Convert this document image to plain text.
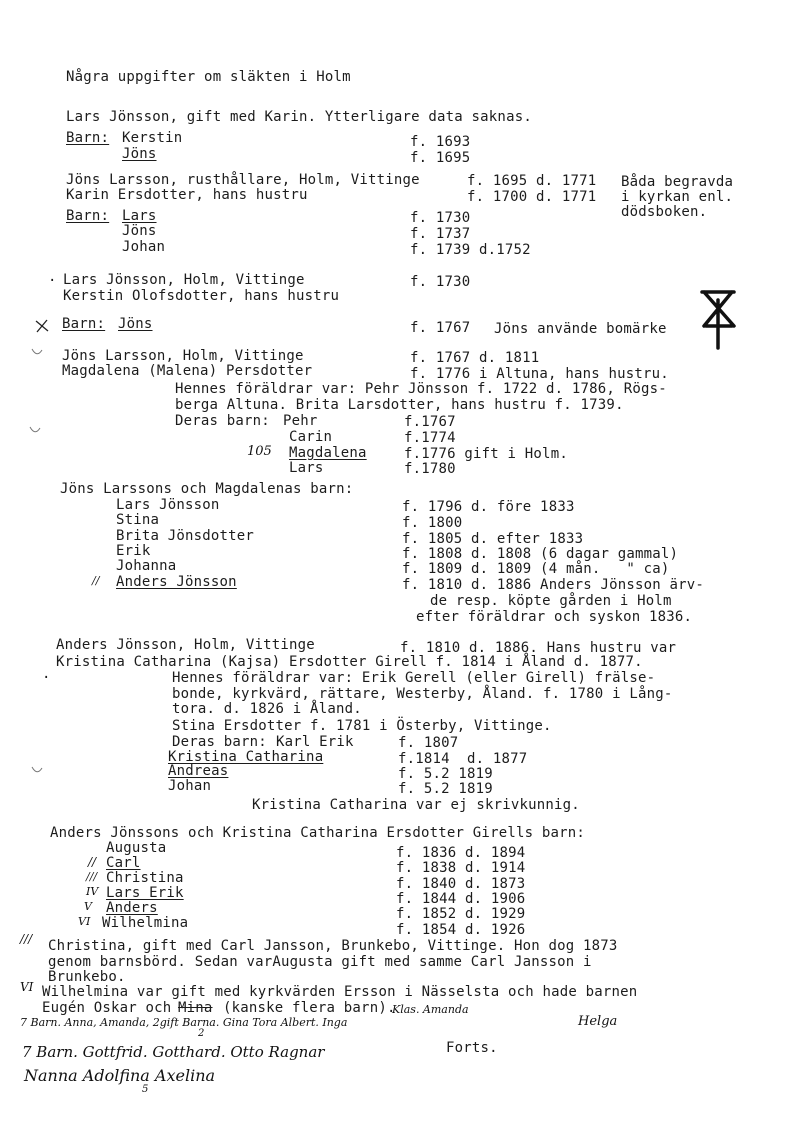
Några uppgifter om släkten i Holm
Lars Jönsson, gift med Karin. Ytterligare data saknas.
Barn: Kerstin	f. 1693
Jöns	f. 1695
Jöns Larsson, rusthållare, Holm, Vittinge	f. 1695 d. 1771 Båda begravda
Karin Ersdotter, hans hustru	f. 1700 d. 1771 i kyrkan enl.
dödsboken.
Barn: Lars	f. 1730
Jöns	f. 1737
Johan	f. 1739 d.1752
· Lars Jönsson, Holm, Vittinge	f. 1730
Kerstin Olofsdotter, hans hustru
Barn: Jöns	f. 1767 Jöns använde bomärke
Jöns Larsson, Holm, Vittinge	f. 1767 d. 1811
Magdalena (Malena) Persdotter	f. 1776 i Altuna, hans hustru.
Hennes föräldrar var: Pehr Jönsson f. 1722 d. 1786, Rögs-
berga Altuna. Brita Larsdotter, hans hustru f. 1739.
Deras barn: Pehr	f.1767
Carin	f.1774
105 Magdalena	f.1776 gift i Holm.
Lars	f.1780
Jöns Larssons och Magdalenas barn:
Lars Jönsson	f. 1796 d. före 1833
Stina	f. 1800
Brita Jönsdotter	f. 1805 d. efter 1833
Erik	f. 1808 d. 1808 (6 dagar gammal)
Johanna	f. 1809 d. 1809 (4 mån.   " ca)
// Anders Jönsson	f. 1810 d. 1886 Anders Jönsson ärv-
de resp. köpte gården i Holm
efter föräldrar och syskon 1836.
Anders Jönsson, Holm, Vittinge	f. 1810 d. 1886. Hans hustru var
Kristina Catharina (Kajsa) Ersdotter Girell f. 1814 i Åland d. 1877.
·	Hennes föräldrar var: Erik Gerell (eller Girell) frälse-
bonde, kyrkvärd, rättare, Westerby, Åland. f. 1780 i Lång-
tora. d. 1826 i Åland.
Stina Ersdotter f. 1781 i Österby, Vittinge.
Deras barn: Karl Erik	f. 1807
Kristina Catharina	f.1814  d. 1877
Andreas	f. 5.2 1819
Johan	f. 5.2 1819
Kristina Catharina var ej skrivkunnig.
Anders Jönssons och Kristina Catharina Ersdotter Girells barn:
Augusta	f. 1836 d. 1894
// Carl	f. 1838 d. 1914
/// Christina	f. 1840 d. 1873
IV Lars Erik	f. 1844 d. 1906
V Anders	f. 1852 d. 1929
VI Wilhelmina	f. 1854 d. 1926
/// Christina, gift med Carl Jansson, Brunkebo, Vittinge. Hon dog 1873
genom barnsbörd. Sedan varAugusta gift med samme Carl Jansson i
Brunkebo.
VI Wilhelmina var gift med kyrkvärden Ersson i Nässelsta och hade barnen
Eugén Oskar och Mina (kanske flera barn).
Klas. Amanda
7 Barn. Anna, Amanda, 2gift Barna. Gina Tora Albert. Inga	Helga
2
Forts.
7 Barn. Gottfrid. Gotthard. Otto Ragnar
Nanna Adolfina Axelina
5
